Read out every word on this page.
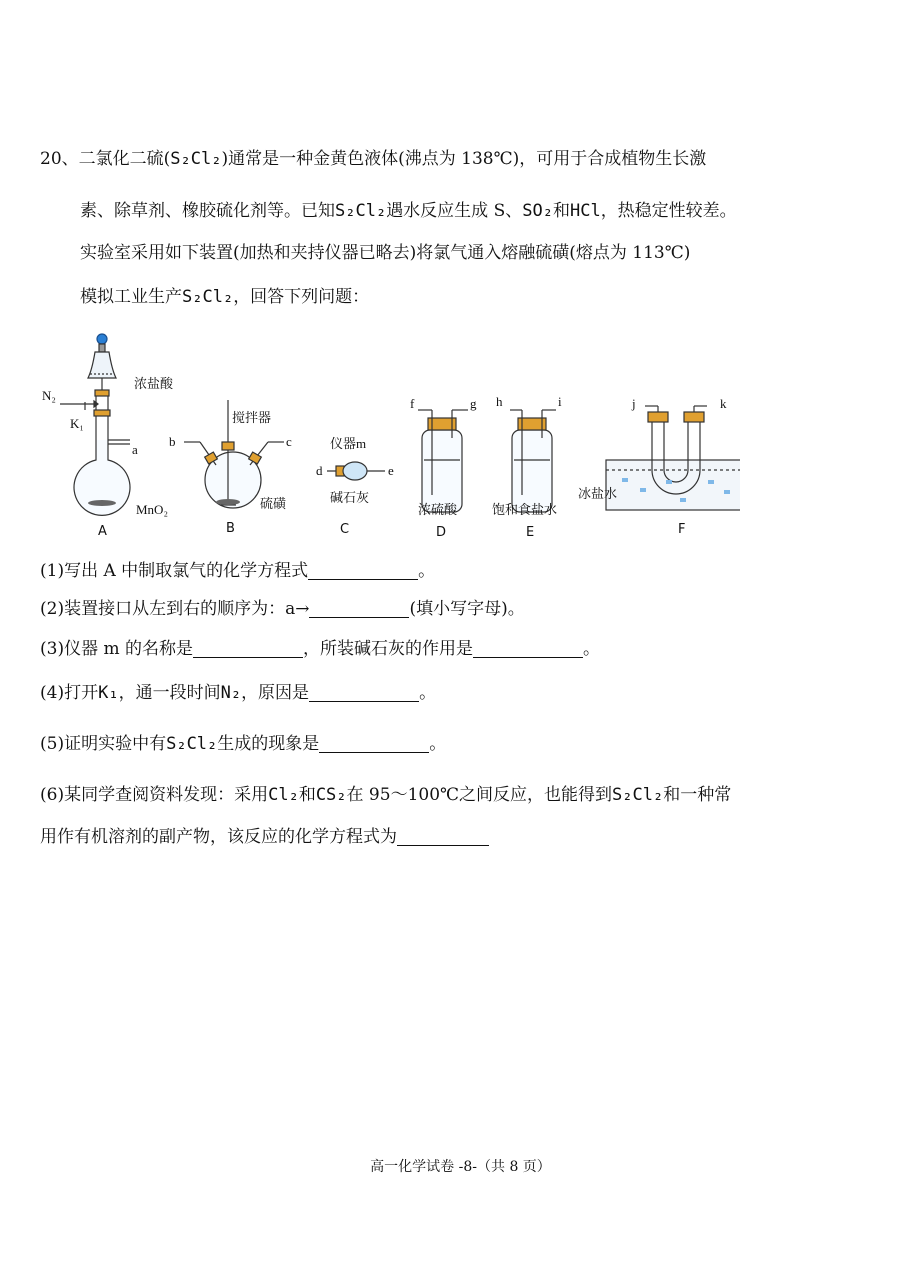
20、二氯化二硫(S₂Cl₂)通常是一种金黄色液体(沸点为 138℃)，可用于合成植物生长激
素、除草剂、橡胶硫化剂等。已知S₂Cl₂遇水反应生成 S、SO₂和HCl，热稳定性较差。
实验室采用如下装置(加热和夹持仪器已略去)将氯气通入熔融硫磺(熔点为 113℃)
模拟工业生产S₂Cl₂，回答下列问题：
浓盐酸
N₂
K₁
a
MnO₂
搅拌器
b	c
硫磺
仪器m
d	e
碱石灰
f	g
浓硫酸
h	i
饱和食盐水
j	k
冰盐水
A	B	C	D	E	F
(1)写出 A 中制取氯气的化学方程式	。
(2)装置接口从左到右的顺序为：a→	(填小写字母)。
(3)仪器 m 的名称是	，所装碱石灰的作用是	。
(4)打开K₁，通一段时间N₂，原因是	。
(5)证明实验中有S₂Cl₂生成的现象是	。
(6)某同学查阅资料发现：采用Cl₂和CS₂在 95～100℃之间反应，也能得到S₂Cl₂和一种常
用作有机溶剂的副产物，该反应的化学方程式为
高一化学试卷 -8-（共 8 页）
